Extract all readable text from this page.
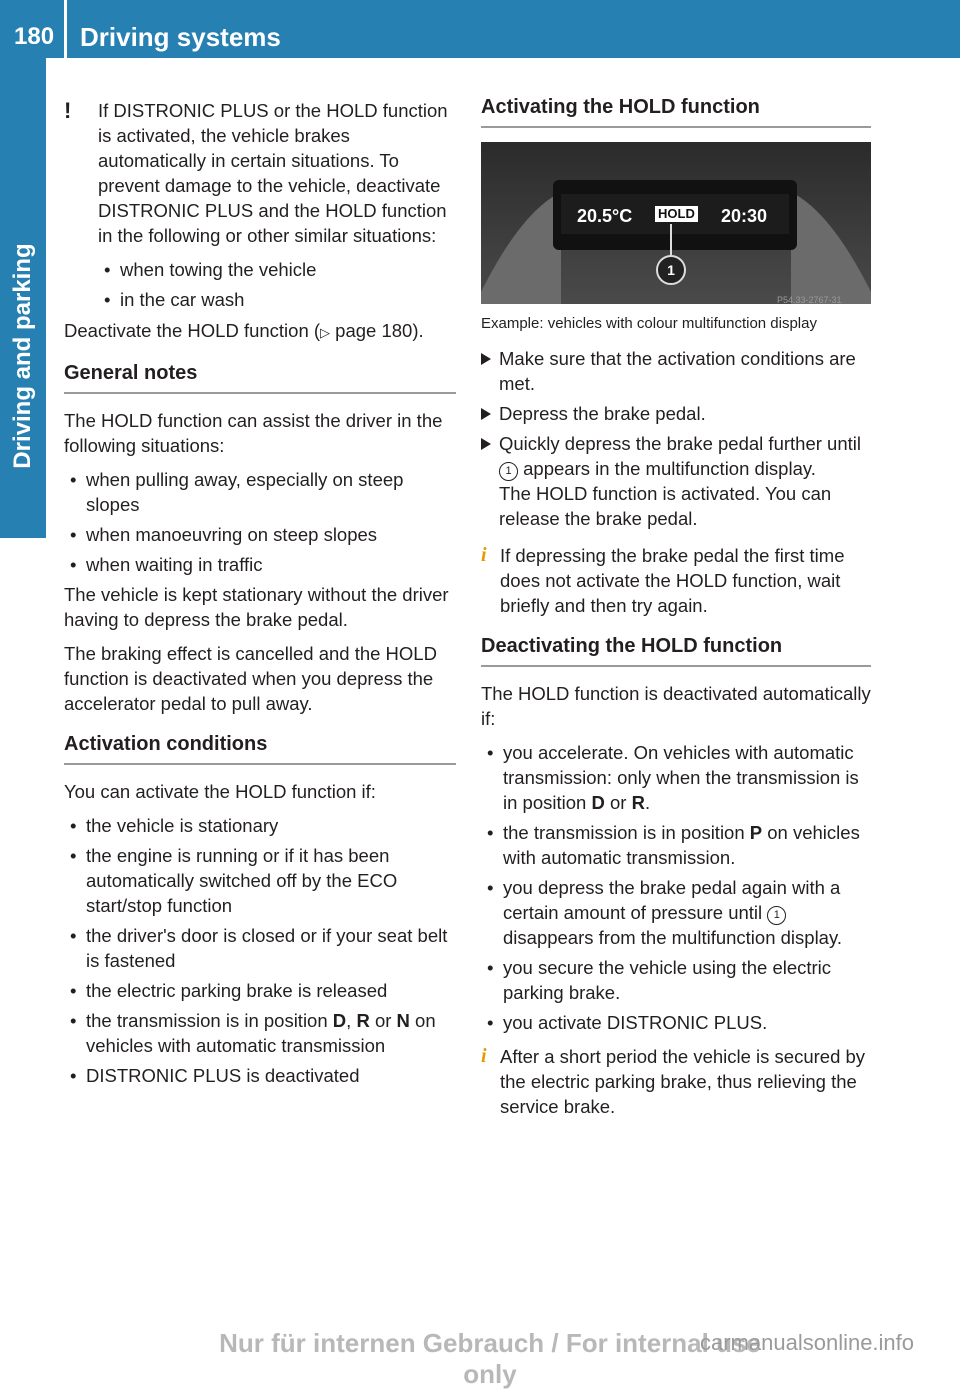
180 Driving systems
Driving and parking
! If DISTRONIC PLUS or the HOLD function is activated, the vehicle brakes automatically in certain situations. To prevent damage to the vehicle, deactivate DISTRONIC PLUS and the HOLD function in the following or other similar situations:
• when towing the vehicle
• in the car wash

Deactivate the HOLD function (▷ page 180).

General notes

The HOLD function can assist the driver in the following situations:

• when pulling away, especially on steep slopes
• when manoeuvring on steep slopes
• when waiting in traffic

The vehicle is kept stationary without the driver having to depress the brake pedal.

The braking effect is cancelled and the HOLD function is deactivated when you depress the accelerator pedal to pull away.

Activation conditions

You can activate the HOLD function if:

• the vehicle is stationary
• the engine is running or if it has been automatically switched off by the ECO start/stop function
• the driver's door is closed or if your seat belt is fastened
• the electric parking brake is released
• the transmission is in position D, R or N on vehicles with automatic transmission
• DISTRONIC PLUS is deactivated
Activating the HOLD function
20.5°C HOLD 20:30
1
P54.33-2767-31
Example: vehicles with colour multifunction display
Make sure that the activation conditions are met.
Depress the brake pedal.
Quickly depress the brake pedal further until 1 appears in the multifunction display.
The HOLD function is activated. You can release the brake pedal.
i If depressing the brake pedal the first time does not activate the HOLD function, wait briefly and then try again.
Deactivating the HOLD function

The HOLD function is deactivated automatically if:

• you accelerate. On vehicles with automatic transmission: only when the transmission is in position D or R.
• the transmission is in position P on vehicles with automatic transmission.
• you depress the brake pedal again with a certain amount of pressure until 1 disappears from the multifunction display.
• you secure the vehicle using the electric parking brake.
• you activate DISTRONIC PLUS.
i After a short period the vehicle is secured by the electric parking brake, thus relieving the service brake.
Nur für internen Gebrauch / For internal use only
carmanualsonline.info
